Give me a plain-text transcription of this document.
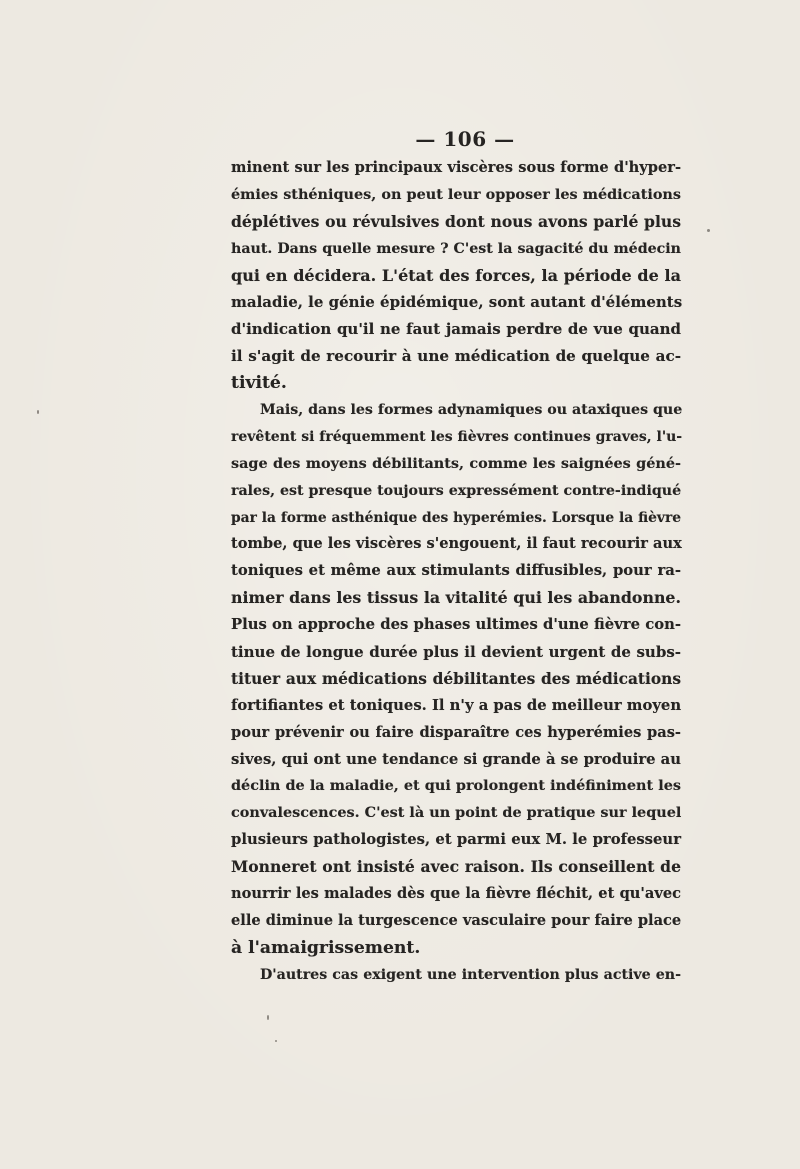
— 106 —
minent sur les principaux viscères sous forme d'hyper-
émies sthéniques, on peut leur opposer les médications
déplétives ou révulsives dont nous avons parlé plus
haut. Dans quelle mesure ? C'est la sagacité du médecin
qui en décidera. L'état des forces, la période de la
maladie, le génie épidémique, sont autant d'éléments
d'indication qu'il ne faut jamais perdre de vue quand
il s'agit de recourir à une médication de quelque ac-
tivité.
Mais, dans les formes adynamiques ou ataxiques que
revêtent si fréquemment les fièvres continues graves, l'u-
sage des moyens débilitants, comme les saignées géné-
rales, est presque toujours expressément contre-indiqué
par la forme asthénique des hyperémies. Lorsque la fièvre
tombe, que les viscères s'engouent, il faut recourir aux
toniques et même aux stimulants diffusibles, pour ra-
nimer dans les tissus la vitalité qui les abandonne.
Plus on approche des phases ultimes d'une fièvre con-
tinue de longue durée plus il devient urgent de subs-
tituer aux médications débilitantes des médications
fortifiantes et toniques. Il n'y a pas de meilleur moyen
pour prévenir ou faire disparaître ces hyperémies pas-
sives, qui ont une tendance si grande à se produire au
déclin de la maladie, et qui prolongent indéfiniment les
convalescences. C'est là un point de pratique sur lequel
plusieurs pathologistes, et parmi eux M. le professeur
Monneret ont insisté avec raison. Ils conseillent de
nourrir les malades dès que la fièvre fléchit, et qu'avec
elle diminue la turgescence vasculaire pour faire place
à l'amaigrissement.
D'autres cas exigent une intervention plus active en-
